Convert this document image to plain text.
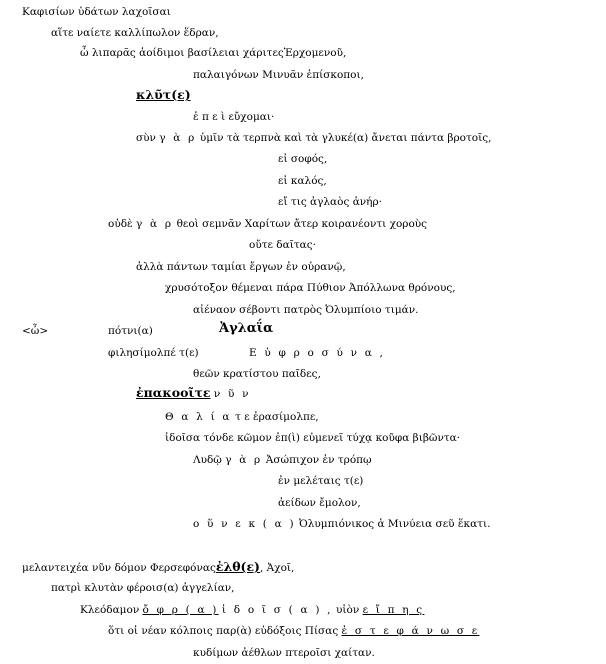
Καφισίων ὑδάτων λαχοῖσαι
αἵτε ναίετε καλλίπωλον ἕδραν,
ὦ λιπαρᾶς ἀοίδιμοι βασίλειαι χάριτεςἘρχομενοῦ,
παλαιγόνων Μινυᾶν ἐπίσκοποι,
κλῦτ(ε)
ἐ π ε ὶ εὔχομαι·
σὺν γ ὰ ρ ὑμῖν τὰ τερπνὰ καὶ τὰ γλυκέ(α) ἄνεται πάντα βροτοῖς,
εἰ σοφός,
εἰ καλός,
εἴ τις ἀγλαὸς ἀνήρ·
οὐδὲ γ ὰ ρ θεοὶ σεμνᾶν Χαρίτων ἄτερ κοιρανέοντι χοροὺς
οὔτε δαῖτας·
ἀλλὰ πάντων ταμίαι ἔργων ἐν οὐρανῷ,
χρυσότοξον θέμεναι πάρα Πύθιον Ἀπόλλωνα θρόνους,
αἰέναον σέβοντι πατρὸς Ὀλυμπίοιο τιμάν.
<ὦ>	πότνι(α)	Ἀγλαΐα
φιλησίμολπέ τ(ε)	Ε ὐ φ ρ ο σ ύ ν α ,
θεῶν κρατίστου παῖδες,
ἐπακοοῖτε ν ῦ ν
Θ α λ ί α τ ε ἐρασίμολπε,
ἰδοῖσα τόνδε κῶμον ἐπ(ὶ) εὐμενεῖ τύχᾳ κοῦφα βιβῶντα·
Λυδῷ γ ὰ ρ Ἀσώπιχον ἐν τρόπῳ
ἐν μελέταις τ(ε)
ἀείδων ἔμολον,
ο ὕ ν ε κ ( α ) Ὀλυμπιόνικος ἁ Μινύεια σεῦ ἕκατι.
μελαντειχέα νῦν δόμον Φερσεφόναςἐλθ(ε), Ἀχοῖ,
πατρὶ κλυτὰν φέροισ(α) ἀγγελίαν,
Κλεόδαμον ὄ φ ρ ( α ) ἰ δ ο ῖ σ ( α ) , υἱὸν ε ἴ π η ς
ὅτι οἱ νέαν κόλποις παρ(ὰ) εὐδόξοις Πίσας ἐ σ τ ε φ ά ν ω σ ε
κυδίμων ἀέθλων πτεροῖσι χαίταν.
